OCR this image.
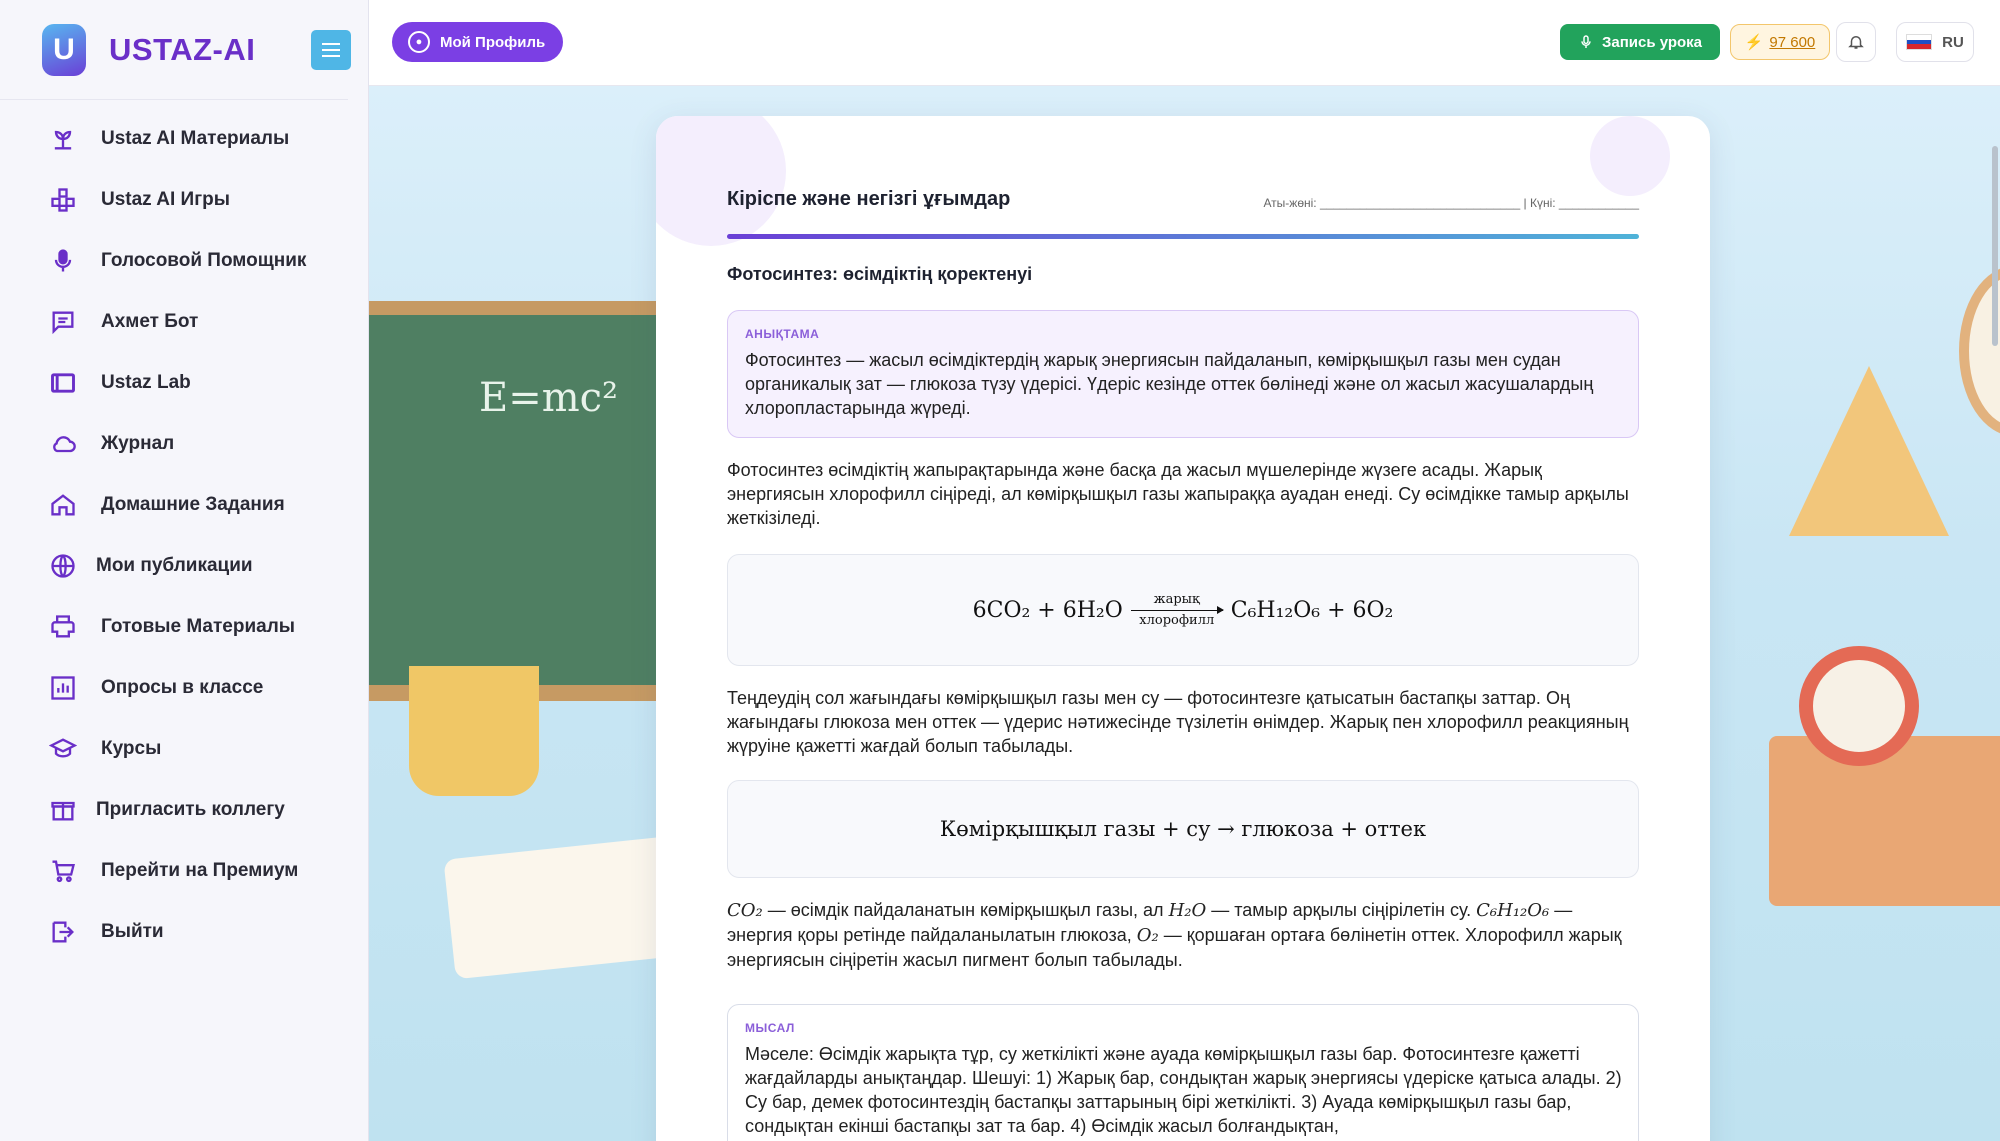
U	USTAZ-AI
Ustaz AI Материалы
Ustaz AI Игры
Голосовой Помощник
Ахмет Бот
Ustaz Lab
Журнал
Домашние Задания
Мои публикации
Готовые Материалы
Опросы в классе
Курсы
Пригласить коллегу
Перейти на Премиум
Выйти
●	Мой Профиль	Запись урока	⚡ 97 600	RU
E=mc²
Кіріспе және негізгі ұғымдар	Аты-жөні: ______________________________ | Күні: ____________
Фотосинтез: өсімдіктің қоректенуі
АНЫҚТАМА
Фотосинтез — жасыл өсімдіктердің жарық энергиясын пайдаланып, көмірқышқыл газы мен судан органикалық зат — глюкоза түзу үдерісі. Үдеріс кезінде оттек бөлінеді және ол жасыл жасушалардың хлоропластарында жүреді.

Фотосинтез өсімдіктің жапырақтарында және басқа да жасыл мүшелерінде жүзеге асады. Жарық энергиясын хлорофилл сіңіреді, ал көмірқышқыл газы жапыраққа ауадан енеді. Су өсімдікке тамыр арқылы жеткізіледі.

6CO₂ + 6H₂O жарық
хлорофилл C₆H₁₂O₆ + 6O₂

Теңдеудің сол жағындағы көмірқышқыл газы мен су — фотосинтезге қатысатын бастапқы заттар. Оң жағындағы глюкоза мен оттек — үдерис нәтижесінде түзілетін өнімдер. Жарық пен хлорофилл реакцияның жүруіне қажетті жағдай болып табылады.

Көмірқышқыл газы + су → глюкоза + оттек

CO₂ — өсімдік пайдаланатын көмірқышқыл газы, ал H₂O — тамыр арқылы сіңірілетін су. C₆H₁₂O₆ — энергия қоры ретінде пайдаланылатын глюкоза, O₂ — қоршаған ортаға бөлінетін оттек. Хлорофилл жарық энергиясын сіңіретін жасыл пигмент болып табылады.

МЫСАЛ
Мәселе: Өсімдік жарықта тұр, су жеткілікті және ауада көмірқышқыл газы бар. Фотосинтезге қажетті жағдайларды анықтаңдар. Шешуі: 1) Жарық бар, сондықтан жарық энергиясы үдеріске қатыса алады. 2) Су бар, демек фотосинтездің бастапқы заттарының бірі жеткілікті. 3) Ауада көмірқышқыл газы бар, сондықтан екінші бастапқы зат та бар. 4) Өсімдік жасыл болғандықтан,
